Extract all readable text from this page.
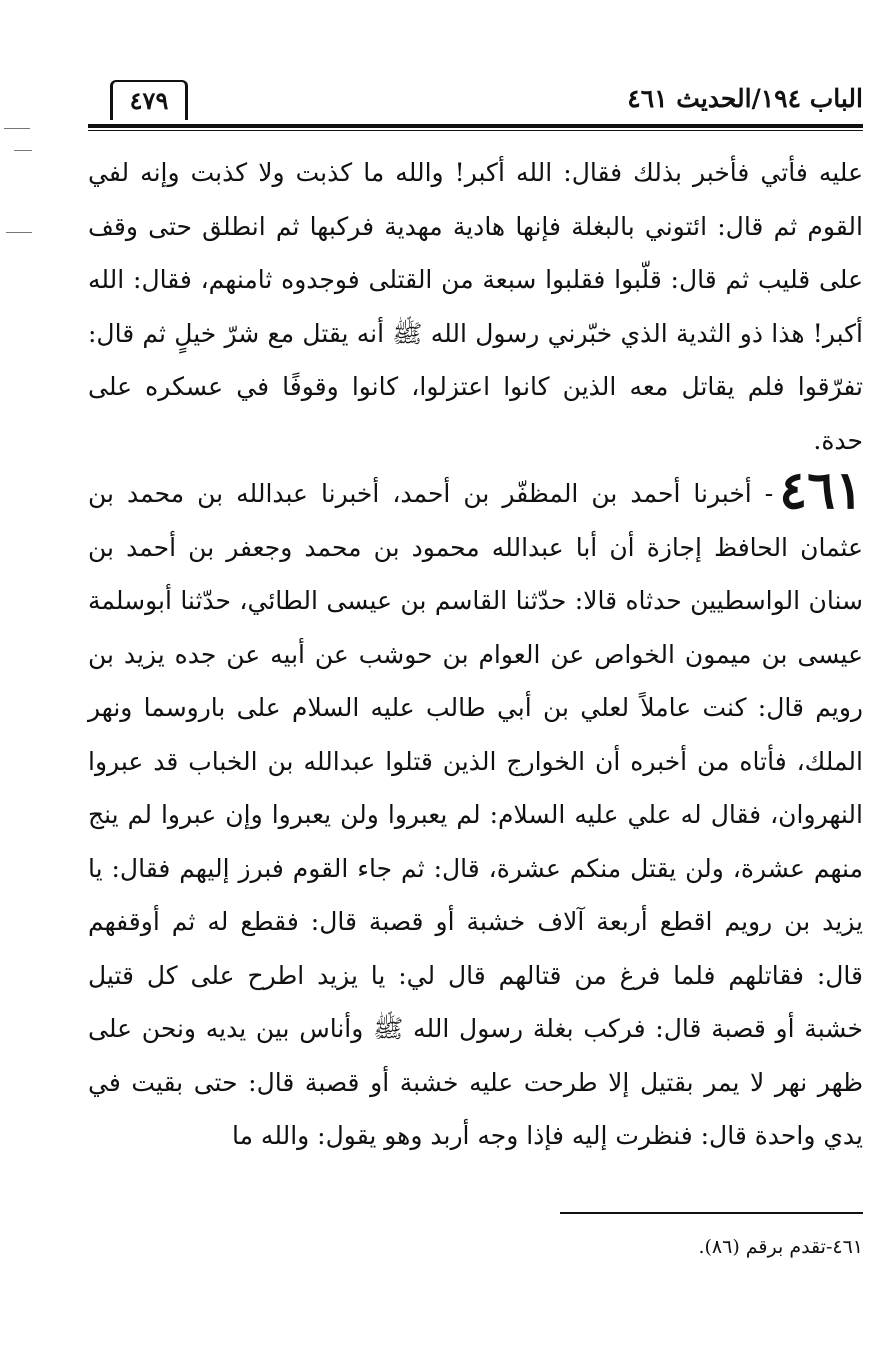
٤٧٩	الباب ١٩٤/الحديث ٤٦١

عليه فأتي فأخبر بذلك فقال: الله أكبر! والله ما كذبت ولا كذبت وإنه لفي القوم ثم قال: ائتوني بالبغلة فإنها هادية مهدية فركبها ثم انطلق حتى وقف على قليب ثم قال: قلّبوا فقلبوا سبعة من القتلى فوجدوه ثامنهم، فقال: الله أكبر! هذا ذو الثدية الذي خبّرني رسول الله ﷺ أنه يقتل مع شرّ خيلٍ ثم قال: تفرّقوا فلم يقاتل معه الذين كانوا اعتزلوا، كانوا وقوفًا في عسكره على حدة.

٤٦١- أخبرنا أحمد بن المظفّر بن أحمد، أخبرنا عبدالله بن محمد بن عثمان الحافظ إجازة أن أبا عبدالله محمود بن محمد وجعفر بن أحمد بن سنان الواسطيين حدثاه قالا: حدّثنا القاسم بن عيسى الطائي، حدّثنا أبوسلمة عيسى بن ميمون الخواص عن العوام بن حوشب عن أبيه عن جده يزيد بن رويم قال: كنت عاملاً لعلي بن أبي طالب عليه السلام على باروسما ونهر الملك، فأتاه من أخبره أن الخوارج الذين قتلوا عبدالله بن الخباب قد عبروا النهروان، فقال له علي عليه السلام: لم يعبروا ولن يعبروا وإن عبروا لم ينج منهم عشرة، ولن يقتل منكم عشرة، قال: ثم جاء القوم فبرز إليهم فقال: يا يزيد بن رويم اقطع أربعة آلاف خشبة أو قصبة قال: فقطع له ثم أوقفهم قال: فقاتلهم فلما فرغ من قتالهم قال لي: يا يزيد اطرح على كل قتيل خشبة أو قصبة قال: فركب بغلة رسول الله ﷺ وأناس بين يديه ونحن على ظهر نهر لا يمر بقتيل إلا طرحت عليه خشبة أو قصبة قال: حتى بقيت في يدي واحدة قال: فنظرت إليه فإذا وجه أربد وهو يقول: والله ما

٤٦١-تقدم برقم (٨٦).
